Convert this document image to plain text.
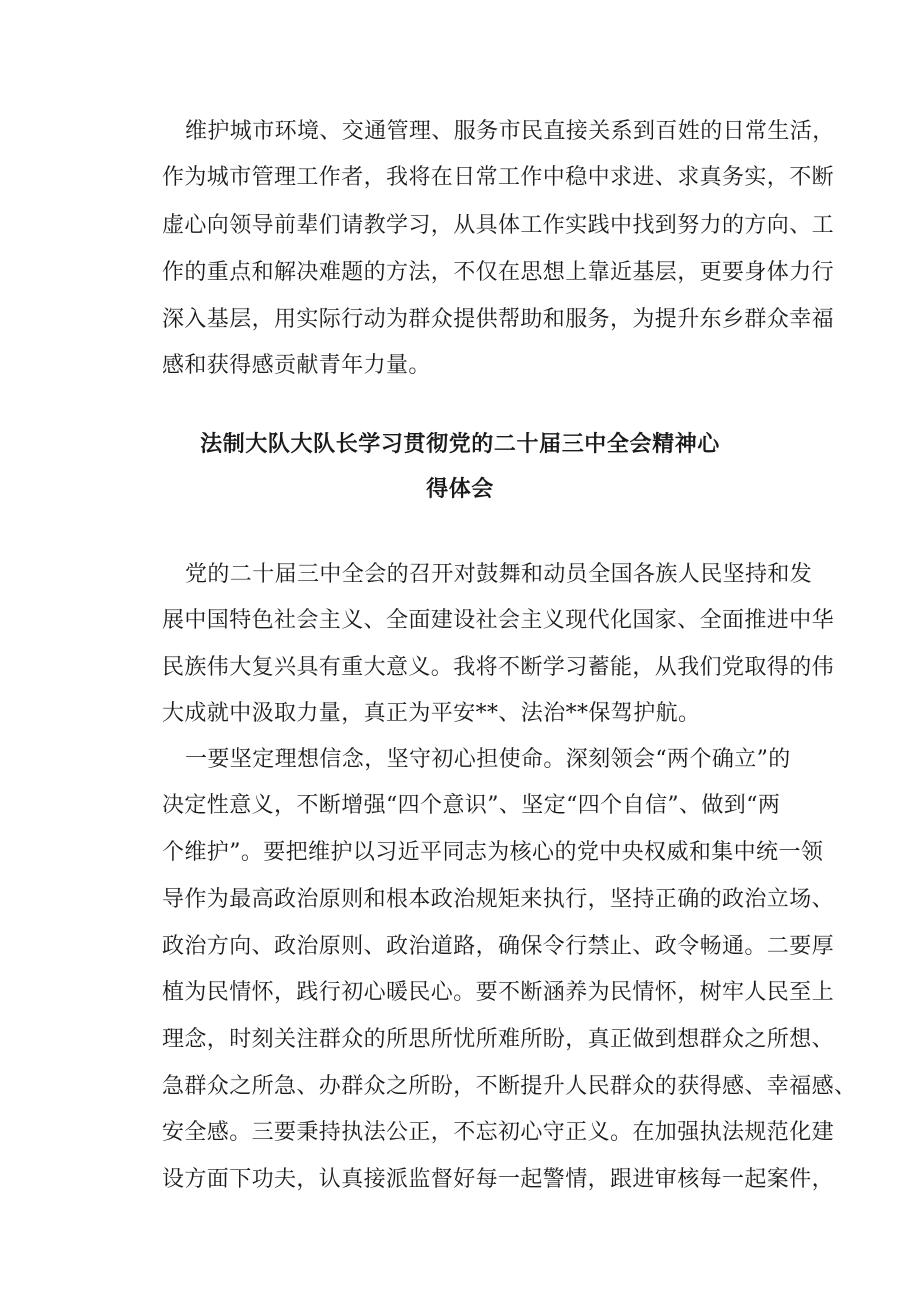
维护城市环境、交通管理、服务市民直接关系到百姓的日常生活，
作为城市管理工作者，我将在日常工作中稳中求进、求真务实，不断
虚心向领导前辈们请教学习，从具体工作实践中找到努力的方向、工
作的重点和解决难题的方法，不仅在思想上靠近基层，更要身体力行
深入基层，用实际行动为群众提供帮助和服务，为提升东乡群众幸福
感和获得感贡献青年力量。
法制大队大队长学习贯彻党的二十届三中全会精神心
得体会
党的二十届三中全会的召开对鼓舞和动员全国各族人民坚持和发
展中国特色社会主义、全面建设社会主义现代化国家、全面推进中华
民族伟大复兴具有重大意义。我将不断学习蓄能，从我们党取得的伟
大成就中汲取力量，真正为平安**、法治**保驾护航。
一要坚定理想信念，坚守初心担使命。深刻领会“两个确立”的
决定性意义，不断增强“四个意识”、坚定“四个自信”、做到“两
个维护”。要把维护以习近平同志为核心的党中央权威和集中统一领
导作为最高政治原则和根本政治规矩来执行，坚持正确的政治立场、
政治方向、政治原则、政治道路，确保令行禁止、政令畅通。二要厚
植为民情怀，践行初心暖民心。要不断涵养为民情怀，树牢人民至上
理念，时刻关注群众的所思所忧所难所盼，真正做到想群众之所想、
急群众之所急、办群众之所盼，不断提升人民群众的获得感、幸福感、
安全感。三要秉持执法公正，不忘初心守正义。在加强执法规范化建
设方面下功夫，认真接派监督好每一起警情，跟进审核每一起案件，
